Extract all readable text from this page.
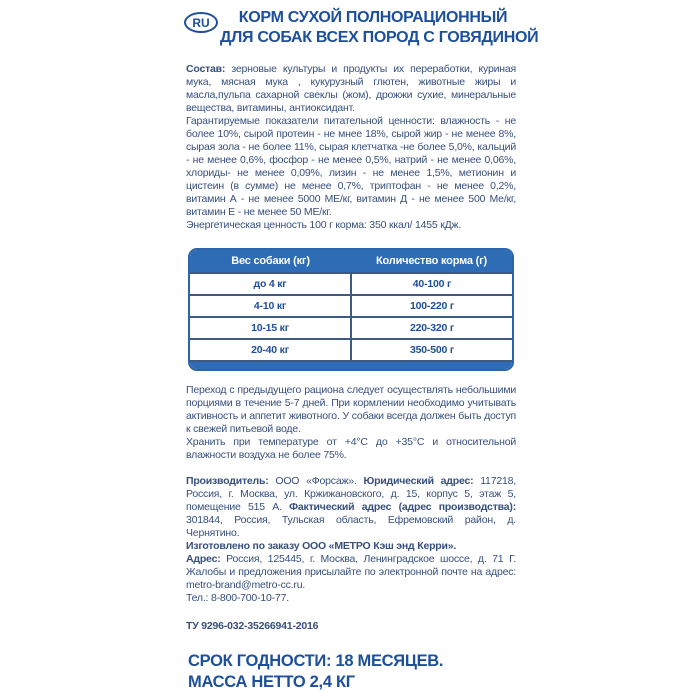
RU	КОРМ СУХОЙ ПОЛНОРАЦИОННЫЙ
ДЛЯ СОБАК ВСЕХ ПОРОД С ГОВЯДИНОЙ

Состав: зерновые культуры и продукты их переработки, куриная мука, мясная мука , кукурузный глютен, животные жиры и масла,пульпа сахарной свеклы (жом), дрожжи сухие, минеральные вещества, витамины, антиоксидант.

Гарантируемые показатели питательной ценности: влажность - не более 10%, сырой протеин - не мнее 18%, сырой жир - не менее 8%, сырая зола - не более 11%, сырая клетчатка -не более 5,0%, кальций - не менее 0,6%, фосфор - не менее 0,5%, натрий - не менее 0,06%, хлориды- не менее 0,09%, лизин - не менее 1,5%, метионин и цистеин (в сумме) не менее 0,7%, триптофан - не менее 0,2%, витамин А - не менее 5000 МЕ/кг, витамин Д - не менее 500 Ме/кг, витамин Е - не менее 50 МЕ/кг.

Энергетическая ценность 100 г корма: 350 ккал/ 1455 кДж.

Вес собаки (кг)	Количество корма (г)
до 4 кг	40-100 г
4-10 кг	100-220 г
10-15 кг	220-320 г
20-40 кг	350-500 г

Переход с предыдущего рациона следует осуществлять небольшими порциями в течение 5-7 дней. При кормлении необходимо учитывать активность и аппетит животного. У собаки всегда должен быть доступ к свежей питьевой воде.

Хранить при температуре от +4°С до +35°С и относительной влажности воздуха не более 75%.

Производитель: ООО «Форсаж». Юридический адрес: 117218, Россия, г. Москва, ул. Кржижановского, д. 15, корпус 5, этаж 5, помещение 515 А. Фактический адрес (адрес производства): 301844, Россия, Тульская область, Ефремовский район, д. Чернятино.

Изготовлено по заказу ООО «МЕТРО Кэш энд Керри».

Адрес: Россия, 125445, г. Москва, Ленинградское шоссе, д. 71 Г. Жалобы и предложения присылайте по электронной почте на адрес: metro-brand@metro-cc.ru.

Тел.: 8-800-700-10-77.

ТУ 9296-032-35266941-2016

СРОК ГОДНОСТИ: 18 МЕСЯЦЕВ.
МАССА НЕТТО 2,4 КГ
